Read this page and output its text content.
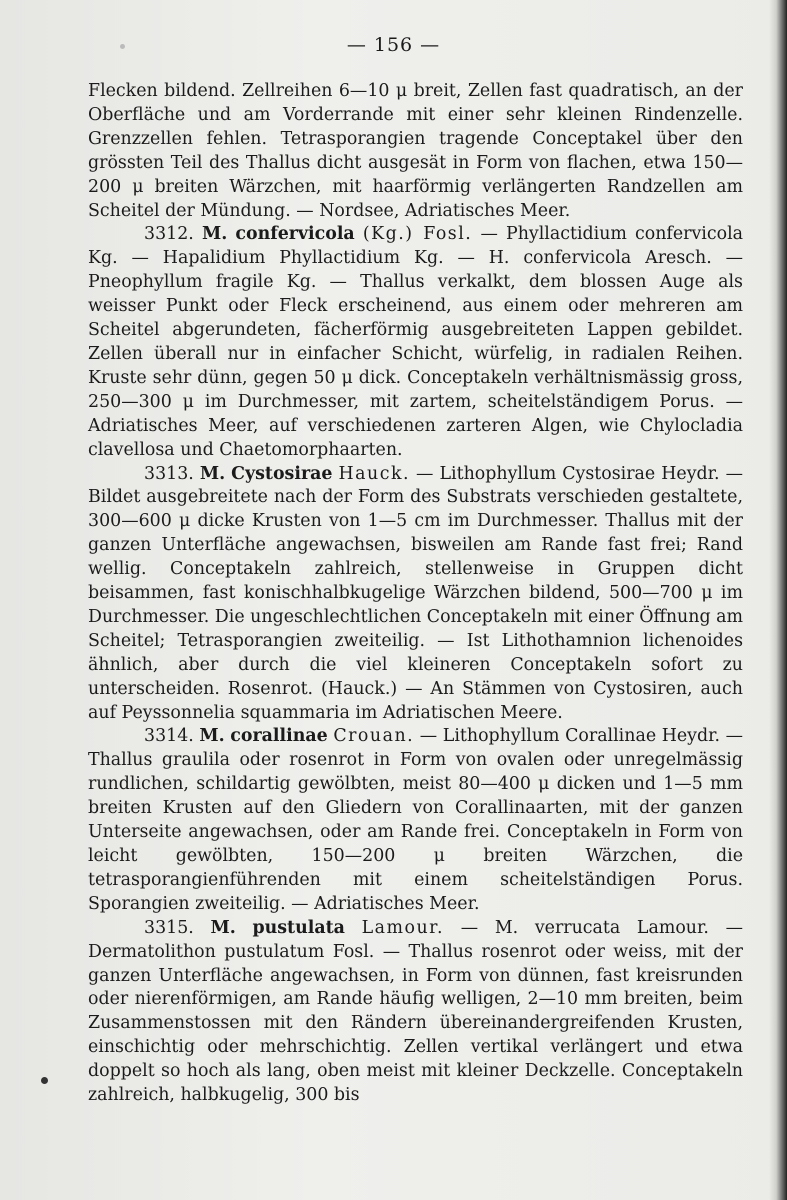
— 156 —

Flecken bildend. Zellreihen 6—10 μ breit, Zellen fast quadratisch, an der Oberfläche und am Vorderrande mit einer sehr kleinen Rindenzelle. Grenzzellen fehlen. Tetrasporangien tragende Conceptakel über den grössten Teil des Thallus dicht ausgesät in Form von flachen, etwa 150—200 μ breiten Wärzchen, mit haarförmig verlängerten Randzellen am Scheitel der Mündung. — Nordsee, Adriatisches Meer.

3312. M. confervicola (Kg.) Fosl. — Phyllactidium confervicola Kg. — Hapalidium Phyllactidium Kg. — H. confervicola Aresch. — Pneophyllum fragile Kg. — Thallus verkalkt, dem blossen Auge als weisser Punkt oder Fleck erscheinend, aus einem oder mehreren am Scheitel abgerundeten, fächerförmig ausgebreiteten Lappen gebildet. Zellen überall nur in einfacher Schicht, würfelig, in radialen Reihen. Kruste sehr dünn, gegen 50 μ dick. Conceptakeln verhältnismässig gross, 250—300 μ im Durchmesser, mit zartem, scheitelständigem Porus. — Adriatisches Meer, auf verschiedenen zarteren Algen, wie Chylocladia clavellosa und Chaetomorphaarten.

3313. M. Cystosirae Hauck. — Lithophyllum Cystosirae Heydr. — Bildet ausgebreitete nach der Form des Substrats verschieden gestaltete, 300—600 μ dicke Krusten von 1—5 cm im Durchmesser. Thallus mit der ganzen Unterfläche angewachsen, bisweilen am Rande fast frei; Rand wellig. Conceptakeln zahlreich, stellenweise in Gruppen dicht beisammen, fast konischhalbkugelige Wärzchen bildend, 500—700 μ im Durchmesser. Die ungeschlechtlichen Conceptakeln mit einer Öffnung am Scheitel; Tetrasporangien zweiteilig. — Ist Lithothamnion lichenoides ähnlich, aber durch die viel kleineren Conceptakeln sofort zu unterscheiden. Rosenrot. (Hauck.) — An Stämmen von Cystosiren, auch auf Peyssonnelia squammaria im Adriatischen Meere.

3314. M. corallinae Crouan. — Lithophyllum Corallinae Heydr. — Thallus graulila oder rosenrot in Form von ovalen oder unregelmässig rundlichen, schildartig gewölbten, meist 80—400 μ dicken und 1—5 mm breiten Krusten auf den Gliedern von Corallinaarten, mit der ganzen Unterseite angewachsen, oder am Rande frei. Conceptakeln in Form von leicht gewölbten, 150—200 μ breiten Wärzchen, die tetrasporangienführenden mit einem scheitelständigen Porus. Sporangien zweiteilig. — Adriatisches Meer.

3315. M. pustulata Lamour. — M. verrucata Lamour. — Dermatolithon pustulatum Fosl. — Thallus rosenrot oder weiss, mit der ganzen Unterfläche angewachsen, in Form von dünnen, fast kreisrunden oder nierenförmigen, am Rande häufig welligen, 2—10 mm breiten, beim Zusammenstossen mit den Rändern übereinandergreifenden Krusten, einschichtig oder mehrschichtig. Zellen vertikal verlängert und etwa doppelt so hoch als lang, oben meist mit kleiner Deckzelle. Conceptakeln zahlreich, halbkugelig, 300 bis
